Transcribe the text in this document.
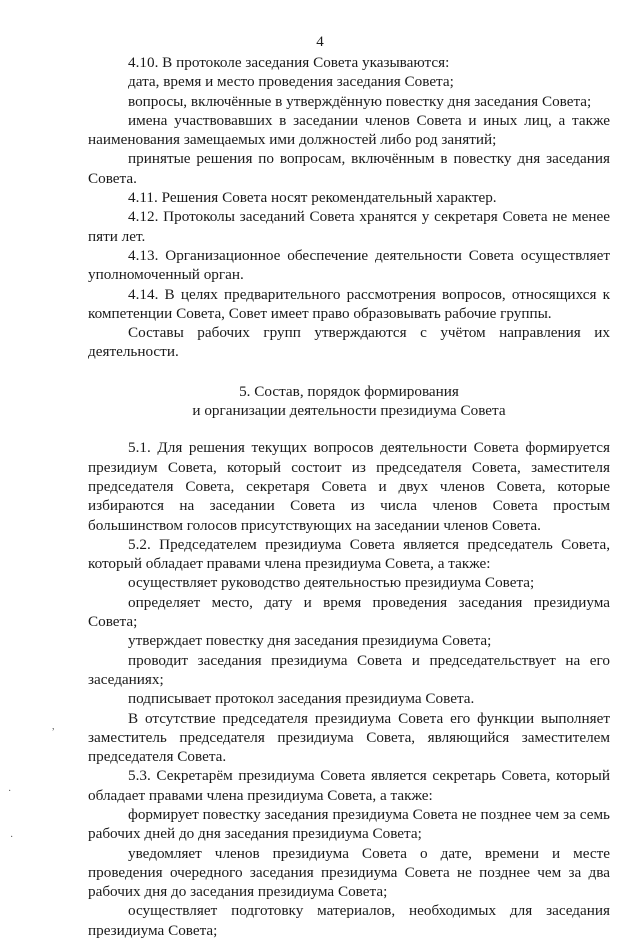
4

4.10. В протоколе заседания Совета указываются:

дата, время и место проведения заседания Совета;

вопросы, включённые в утверждённую повестку дня заседания Совета;

имена участвовавших в заседании членов Совета и иных лиц, а также наименования замещаемых ими должностей либо род занятий;

принятые решения по вопросам, включённым в повестку дня заседания Совета.

4.11. Решения Совета носят рекомендательный характер.

4.12. Протоколы заседаний Совета хранятся у секретаря Совета не менее пяти лет.

4.13. Организационное обеспечение деятельности Совета осуществляет уполномоченный орган.

4.14. В целях предварительного рассмотрения вопросов, относящихся к компетенции Совета, Совет имеет право образовывать рабочие группы.

Составы рабочих групп утверждаются с учётом направления их деятельности.

5. Состав, порядок формирования
и организации деятельности президиума Совета

5.1. Для решения текущих вопросов деятельности Совета формируется президиум Совета, который состоит из председателя Совета, заместителя председателя Совета, секретаря Совета и двух членов Совета, которые избираются на заседании Совета из числа членов Совета простым большинством голосов присутствующих на заседании членов Совета.

5.2. Председателем президиума Совета является председатель Совета, который обладает правами члена президиума Совета, а также:

осуществляет руководство деятельностью президиума Совета;

определяет место, дату и время проведения заседания президиума Совета;

утверждает повестку дня заседания президиума Совета;

проводит заседания президиума Совета и председательствует на его заседаниях;

подписывает протокол заседания президиума Совета.

В отсутствие председателя президиума Совета его функции выполняет заместитель председателя президиума Совета, являющийся заместителем председателя Совета.

5.3. Секретарём президиума Совета является секретарь Совета, который обладает правами члена президиума Совета, а также:

формирует повестку заседания президиума Совета не позднее чем за семь рабочих дней до дня заседания президиума Совета;

уведомляет членов президиума Совета о дате, времени и месте проведения очередного заседания президиума Совета не позднее чем за два рабочих дня до заседания президиума Совета;

осуществляет подготовку материалов, необходимых для заседания президиума Совета;

,
·
·
